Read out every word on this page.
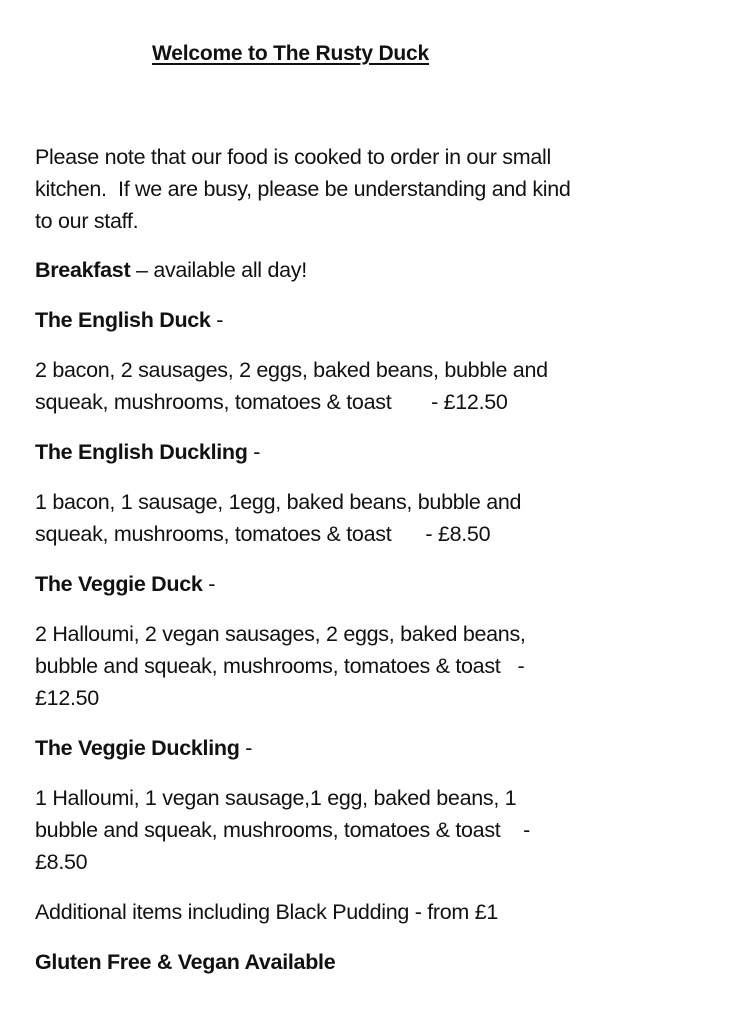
Welcome to The Rusty Duck

Please note that our food is cooked to order in our small
kitchen.  If we are busy, please be understanding and kind
to our staff.

Breakfast – available all day!

The English Duck -

2 bacon, 2 sausages, 2 eggs, baked beans, bubble and
squeak, mushrooms, tomatoes & toast       - £12.50

The English Duckling -

1 bacon, 1 sausage, 1egg, baked beans, bubble and
squeak, mushrooms, tomatoes & toast      - £8.50

The Veggie Duck -

2 Halloumi, 2 vegan sausages, 2 eggs, baked beans,
bubble and squeak, mushrooms, tomatoes & toast   -
£12.50

The Veggie Duckling -

1 Halloumi, 1 vegan sausage,1 egg, baked beans, 1
bubble and squeak, mushrooms, tomatoes & toast    -
£8.50

Additional items including Black Pudding - from £1

Gluten Free & Vegan Available
